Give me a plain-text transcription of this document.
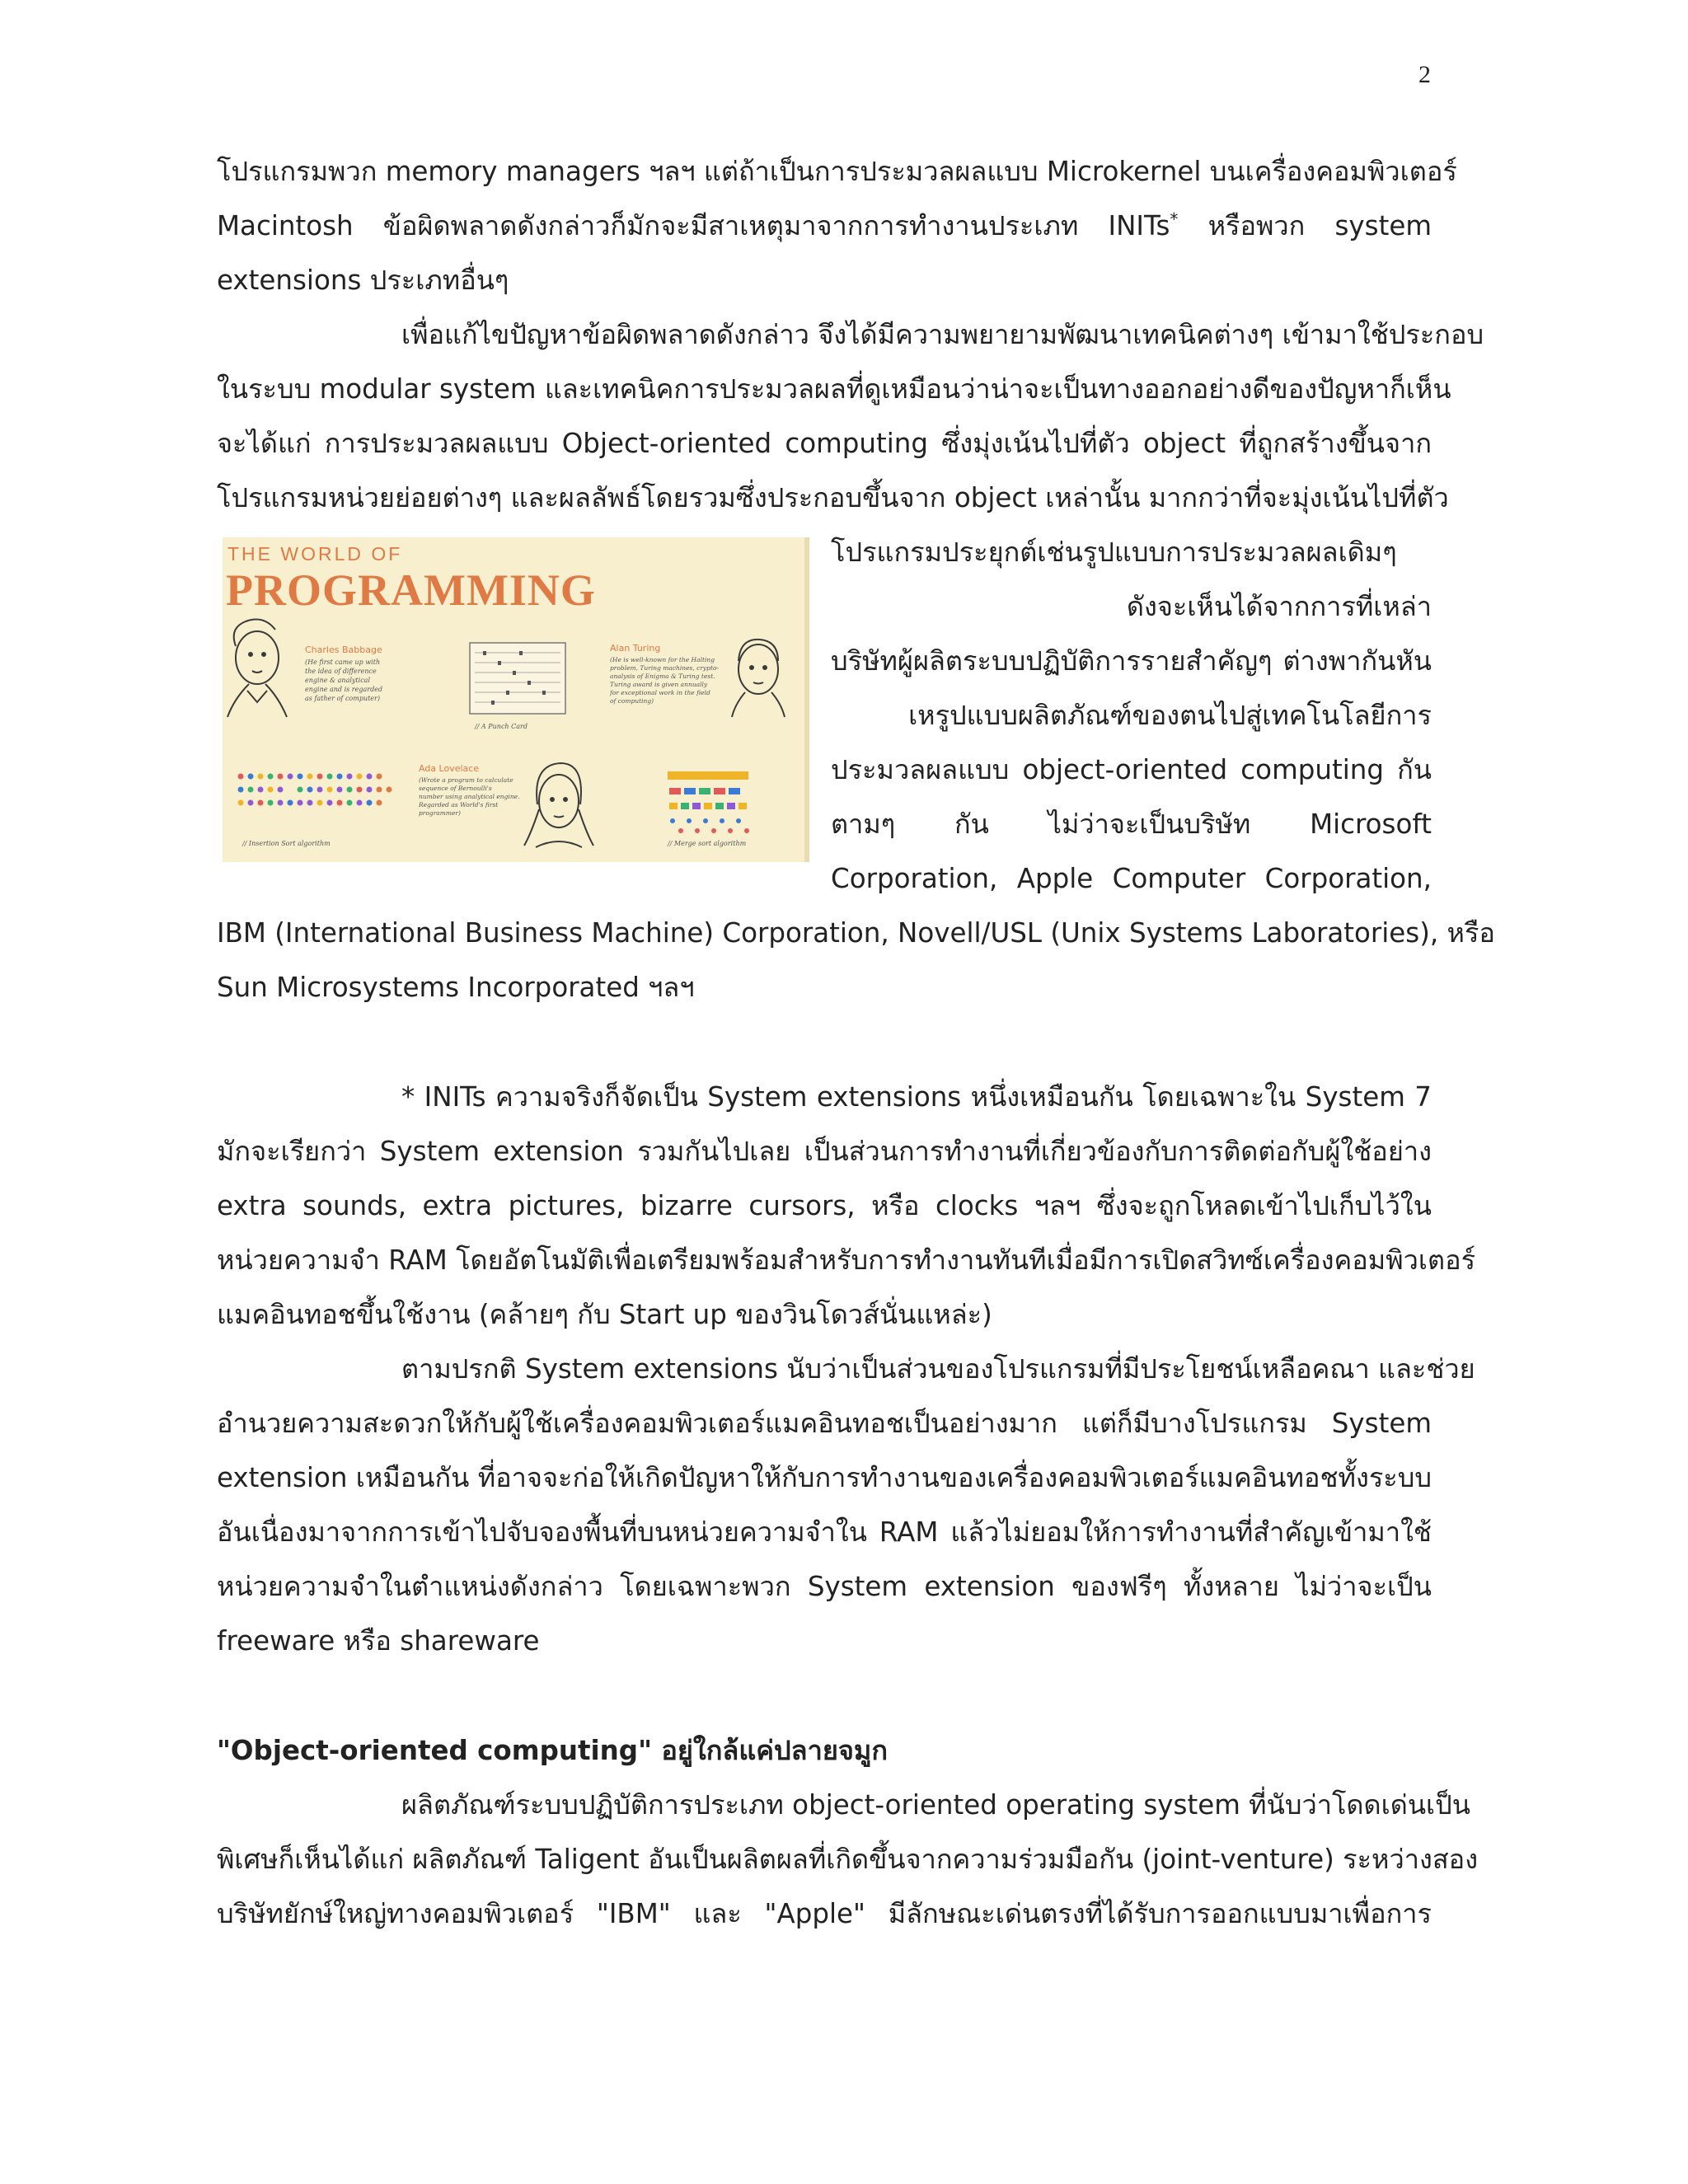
2
โปรแกรมพวก memory managers ฯลฯ แต่ถ้าเป็นการประมวลผลแบบ Microkernel บนเครื่องคอมพิวเตอร์
Macintosh ข้อผิดพลาดดังกล่าวก็มักจะมีสาเหตุมาจากการทำงานประเภท INITs* หรือพวก system
extensions ประเภทอื่นๆ
เพื่อแก้ไขปัญหาข้อผิดพลาดดังกล่าว จึงได้มีความพยายามพัฒนาเทคนิคต่างๆ เข้ามาใช้ประกอบ
ในระบบ modular system และเทคนิคการประมวลผลที่ดูเหมือนว่าน่าจะเป็นทางออกอย่างดีของปัญหาก็เห็น
จะได้แก่ การประมวลผลแบบ Object-oriented computing ซึ่งมุ่งเน้นไปที่ตัว object ที่ถูกสร้างขึ้นจาก
โปรแกรมหน่วยย่อยต่างๆ และผลลัพธ์โดยรวมซึ่งประกอบขึ้นจาก object เหล่านั้น มากกว่าที่จะมุ่งเน้นไปที่ตัว
โปรแกรมประยุกต์เช่นรูปแบบการประมวลผลเดิมๆ
ดังจะเห็นได้จากการที่เหล่า
บริษัทผู้ผลิตระบบปฏิบัติการรายสำคัญๆ ต่างพากันหัน
เหรูปแบบผลิตภัณฑ์ของตนไปสู่เทคโนโลยีการ
ประมวลผลแบบ object-oriented computing กัน
ตามๆ กัน ไม่ว่าจะเป็นบริษัท Microsoft
Corporation, Apple Computer Corporation,
IBM (International Business Machine) Corporation, Novell/USL (Unix Systems Laboratories), หรือ
Sun Microsystems Incorporated ฯลฯ
THE WORLD OF
PROGRAMMING
Charles Babbage
(He first came up with
the idea of difference
engine & analytical
engine and is regarded
as father of computer)
// A Punch Card
Alan Turing
(He is well-known for the Halting
problem, Turing machines, crypto-
analysis of Enigma & Turing test.
Turing award is given annually
for exceptional work in the field
of computing)
// Insertion Sort algorithm
Ada Lovelace
(Wrote a program to calculate
sequence of Bernoulli's
number using analytical engine.
Regarded as World's first
programmer)
// Merge sort algorithm
* INITs ความจริงก็จัดเป็น System extensions หนึ่งเหมือนกัน โดยเฉพาะใน System 7
มักจะเรียกว่า System extension รวมกันไปเลย เป็นส่วนการทำงานที่เกี่ยวข้องกับการติดต่อกับผู้ใช้อย่าง
extra sounds, extra pictures, bizarre cursors, หรือ clocks ฯลฯ ซึ่งจะถูกโหลดเข้าไปเก็บไว้ใน
หน่วยความจำ RAM โดยอัตโนมัติเพื่อเตรียมพร้อมสำหรับการทำงานทันทีเมื่อมีการเปิดสวิทซ์เครื่องคอมพิวเตอร์
แมคอินทอชขึ้นใช้งาน (คล้ายๆ กับ Start up ของวินโดวส์นั่นแหล่ะ)
ตามปรกติ System extensions นับว่าเป็นส่วนของโปรแกรมที่มีประโยชน์เหลือคณา และช่วย
อำนวยความสะดวกให้กับผู้ใช้เครื่องคอมพิวเตอร์แมคอินทอชเป็นอย่างมาก แต่ก็มีบางโปรแกรม System
extension เหมือนกัน ที่อาจจะก่อให้เกิดปัญหาให้กับการทำงานของเครื่องคอมพิวเตอร์แมคอินทอชทั้งระบบ
อันเนื่องมาจากการเข้าไปจับจองพื้นที่บนหน่วยความจำใน RAM แล้วไม่ยอมให้การทำงานที่สำคัญเข้ามาใช้
หน่วยความจำในตำแหน่งดังกล่าว โดยเฉพาะพวก System extension ของฟรีๆ ทั้งหลาย ไม่ว่าจะเป็น
freeware หรือ shareware
"Object-oriented computing" อยู่ใกล้แค่ปลายจมูก
ผลิตภัณฑ์ระบบปฏิบัติการประเภท object-oriented operating system ที่นับว่าโดดเด่นเป็น
พิเศษก็เห็นได้แก่ ผลิตภัณฑ์ Taligent อันเป็นผลิตผลที่เกิดขึ้นจากความร่วมมือกัน (joint-venture) ระหว่างสอง
บริษัทยักษ์ใหญ่ทางคอมพิวเตอร์ "IBM" และ "Apple" มีลักษณะเด่นตรงที่ได้รับการออกแบบมาเพื่อการ
